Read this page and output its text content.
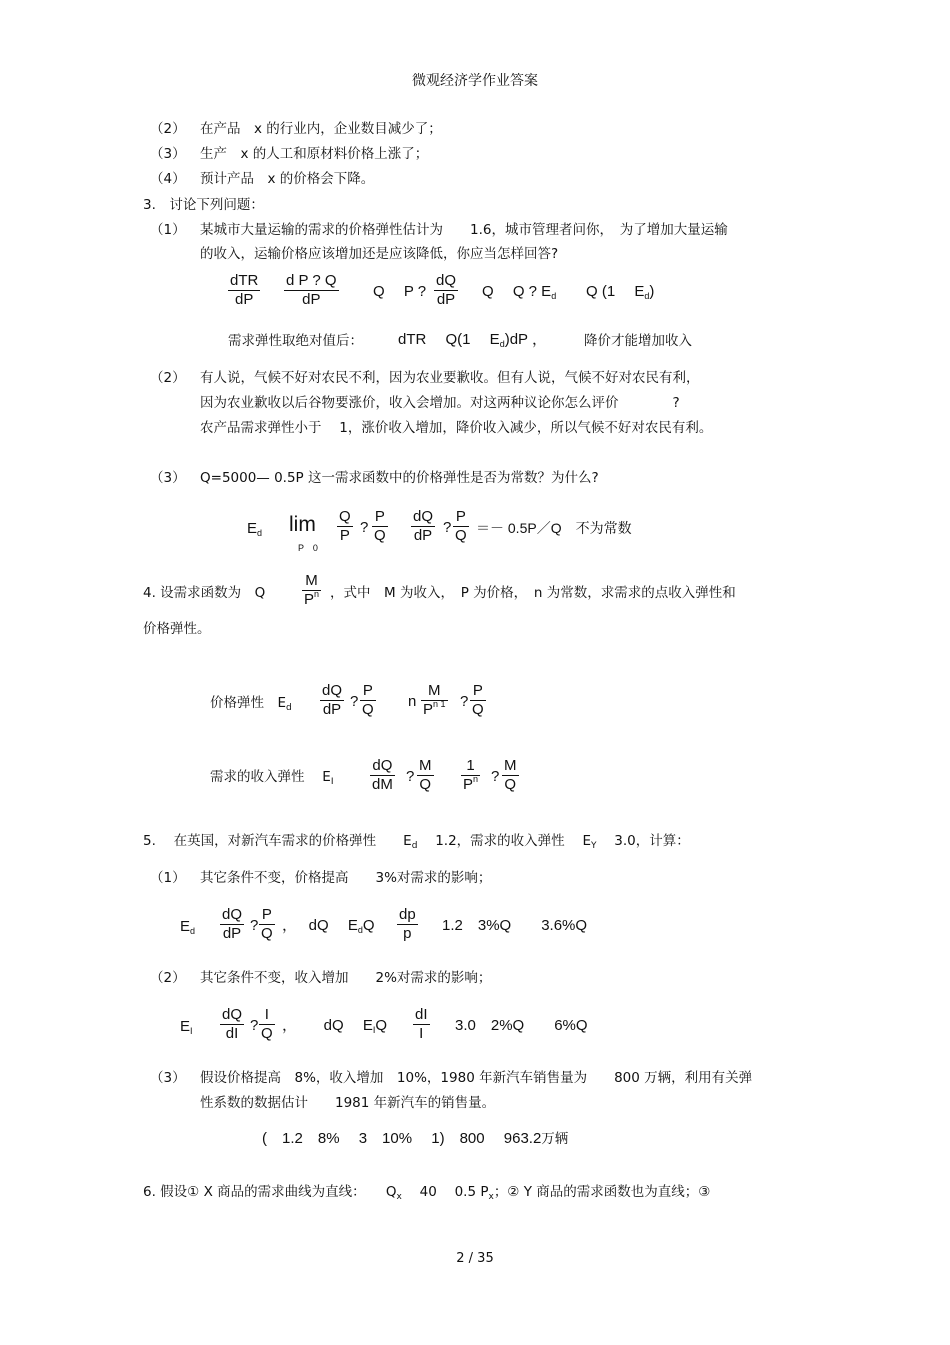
微观经济学作业答案
（2） 在产品　x 的行业内，企业数目减少了；
（3） 生产　x 的人工和原材料价格上涨了；
（4） 预计产品　x 的价格会下降。
3.　讨论下列问题：
（1） 某城市大量运输的需求的价格弹性估计为　　1.6，城市管理者问你，　为了增加大量运输
的收入，运输价格应该增加还是应该降低，你应当怎样回答?
dTR
dP	$\frac{\text{d P ? Q}}{dP}$ Q　 P ? $\frac{dQ}{dP}$ Q　 Q ? $E_d$ Q (1　 $E_d$)
需求弹性取绝对值后： dTR　 Q(1　 $E_d)dP$ ，	降价才能增加收入
（2） 有人说，气候不好对农民不利，因为农业要歉收。但有人说，气候不好对农民有利，
因为农业歉收以后谷物要涨价，收入会增加。对这两种议论你怎么评价　　　　?
农产品需求弹性小于　 1，涨价收入增加，降价收入减少，所以气候不好对农民有利。
（3） Q=5000— 0.5P 这一需求函数中的价格弹性是否为常数？为什么?
$E_d$ lim
P　0
$\frac{Q}{P}$ ? $\frac{P}{Q} \frac{dQ}{dP}$ ? $\frac{P}{Q}$ ＝－ 0.5P／Q　不为常数
4. 设需求函数为　Q $\frac{M}{P^n}$ ，式中　M 为收入，　P 为价格，　n 为常数，求需求的点收入弹性和
价格弹性。
价格弹性　$E_d \frac{dQ}{dP}$ ? $\frac{P}{Q}$ n $\frac{M}{P^{n 1}}$ ? $\frac{P}{Q}$
需求的收入弹性　 $E_I \frac{dQ}{dM}$ ? $\frac{M}{Q} \frac{1}{P^n}$ ? $\frac{M}{Q}$
5.　 在英国，对新汽车需求的价格弹性　　$E_d$　 1.2，需求的收入弹性　 $E_Y$　 3.0，计算：
（1） 其它条件不变，价格提高　　3%对需求的影响；
$E_d \frac{dQ}{dP}$ ? $\frac{P}{Q}$ ，　 dQ　 $E_dQ \frac{dp}{p}$ 　1.2　3%Q　　3.6%Q
（2） 其它条件不变，收入增加　　2%对需求的影响；
$E_I \frac{dQ}{dI}$ ? $\frac{I}{Q}$ ，　　 dQ　 $E_IQ \frac{dI}{I}$ 　3.0　2%Q　　6%Q
（3） 假设价格提高　8%，收入增加　10%，1980 年新汽车销售量为　　800 万辆，利用有关弹
性系数的数据估计　　1981 年新汽车的销售量。
(　1.2　8%　 3　10%　 1)　800　 963.2万辆
6. 假设① X 商品的需求曲线为直线：　　$Q_x$　 40　 0.5 $P_x$；② Y 商品的需求函数也为直线；③
2 / 35
